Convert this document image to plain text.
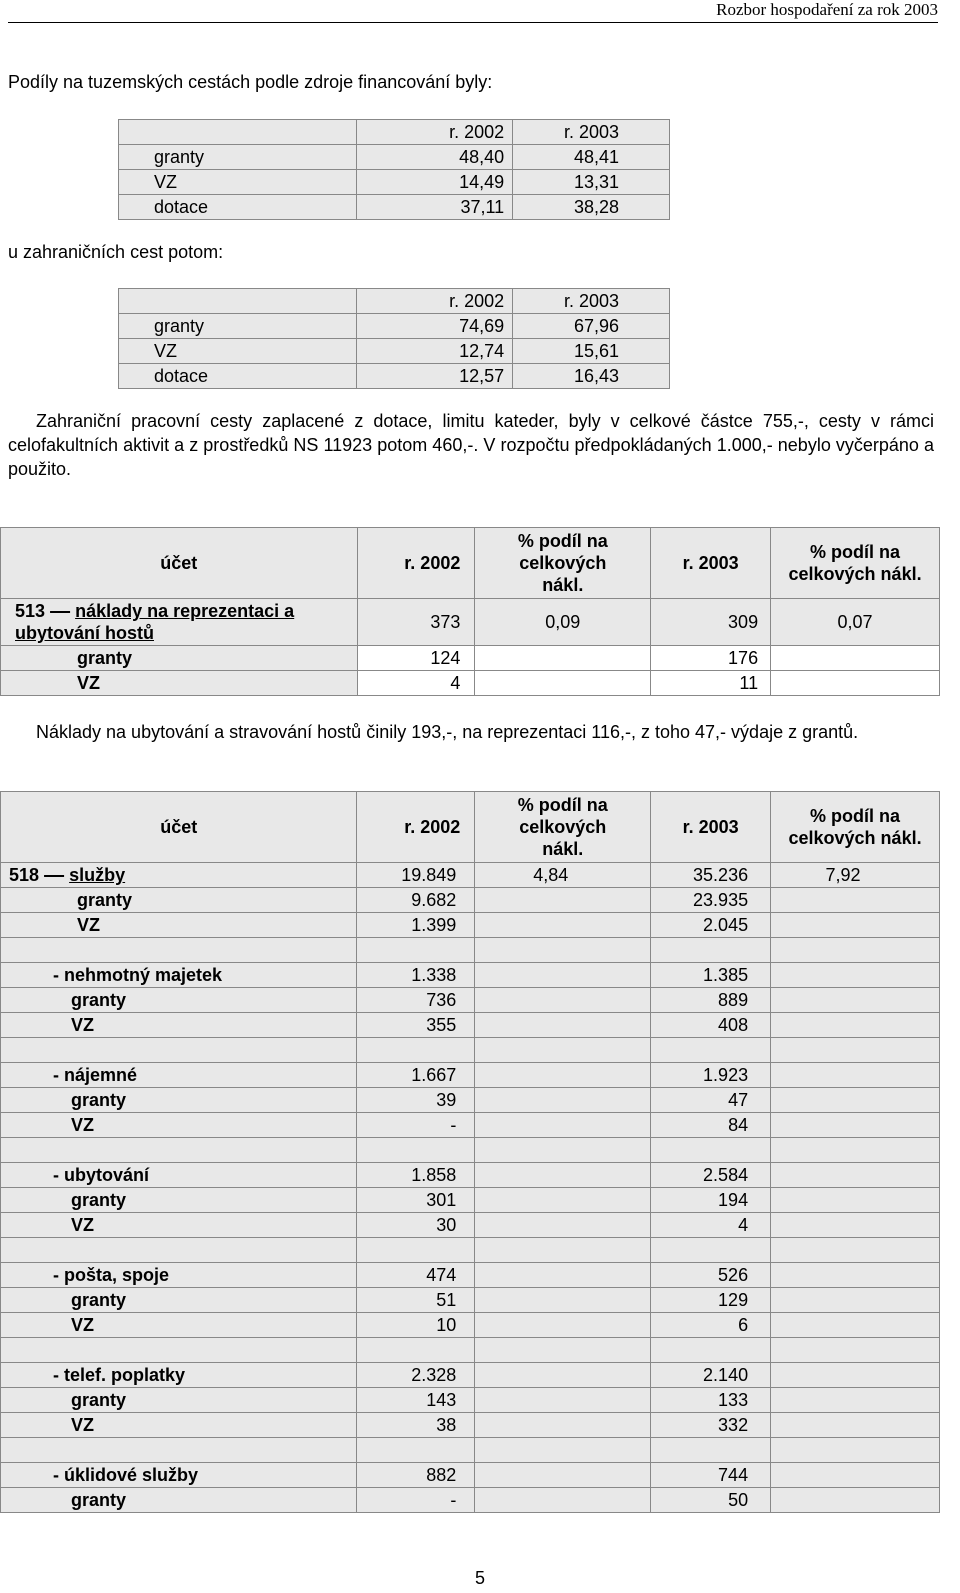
Rozbor hospodaření za rok 2003
Podíly na tuzemských cestách podle zdroje financování byly:
	r. 2002	r. 2003
granty	48,40	48,41
VZ	14,49	13,31
dotace	37,11	38,28
u zahraničních cest potom:
	r. 2002	r. 2003
granty	74,69	67,96
VZ	12,74	15,61
dotace	12,57	16,43
Zahraniční pracovní cesty zaplacené z dotace, limitu kateder, byly v celkové částce 755,-, cesty v rámci celofakultních aktivit a z prostředků NS 11923 potom 460,-. V rozpočtu předpokládaných 1.000,- nebylo vyčerpáno a použito.
účet	r. 2002	% podíl na celkových nákl.	r. 2003	% podíl na celkových nákl.
513 náklady na reprezentaci a ubytování hostů	373	0,09	309	0,07
granty	124		176	
VZ	4		11	
Náklady na ubytování a stravování hostů činily 193,-, na reprezentaci 116,-, z toho 47,- výdaje z grantů.
účet	r. 2002	% podíl na celkových nákl.	r. 2003	% podíl na celkových nákl.
518 služby	19.849	4,84	35.236	7,92
granty	9.682		23.935	
VZ	1.399		2.045	

- nehmotný majetek	1.338		1.385	
granty	736		889	
VZ	355		408	

- nájemné	1.667		1.923	
granty	39		47	
VZ	-		84	

- ubytování	1.858		2.584	
granty	301		194	
VZ	30		4	

- pošta, spoje	474		526	
granty	51		129	
VZ	10		6	

- telef. poplatky	2.328		2.140	
granty	143		133	
VZ	38		332	

- úklidové služby	882		744	
granty	-		50	
5
